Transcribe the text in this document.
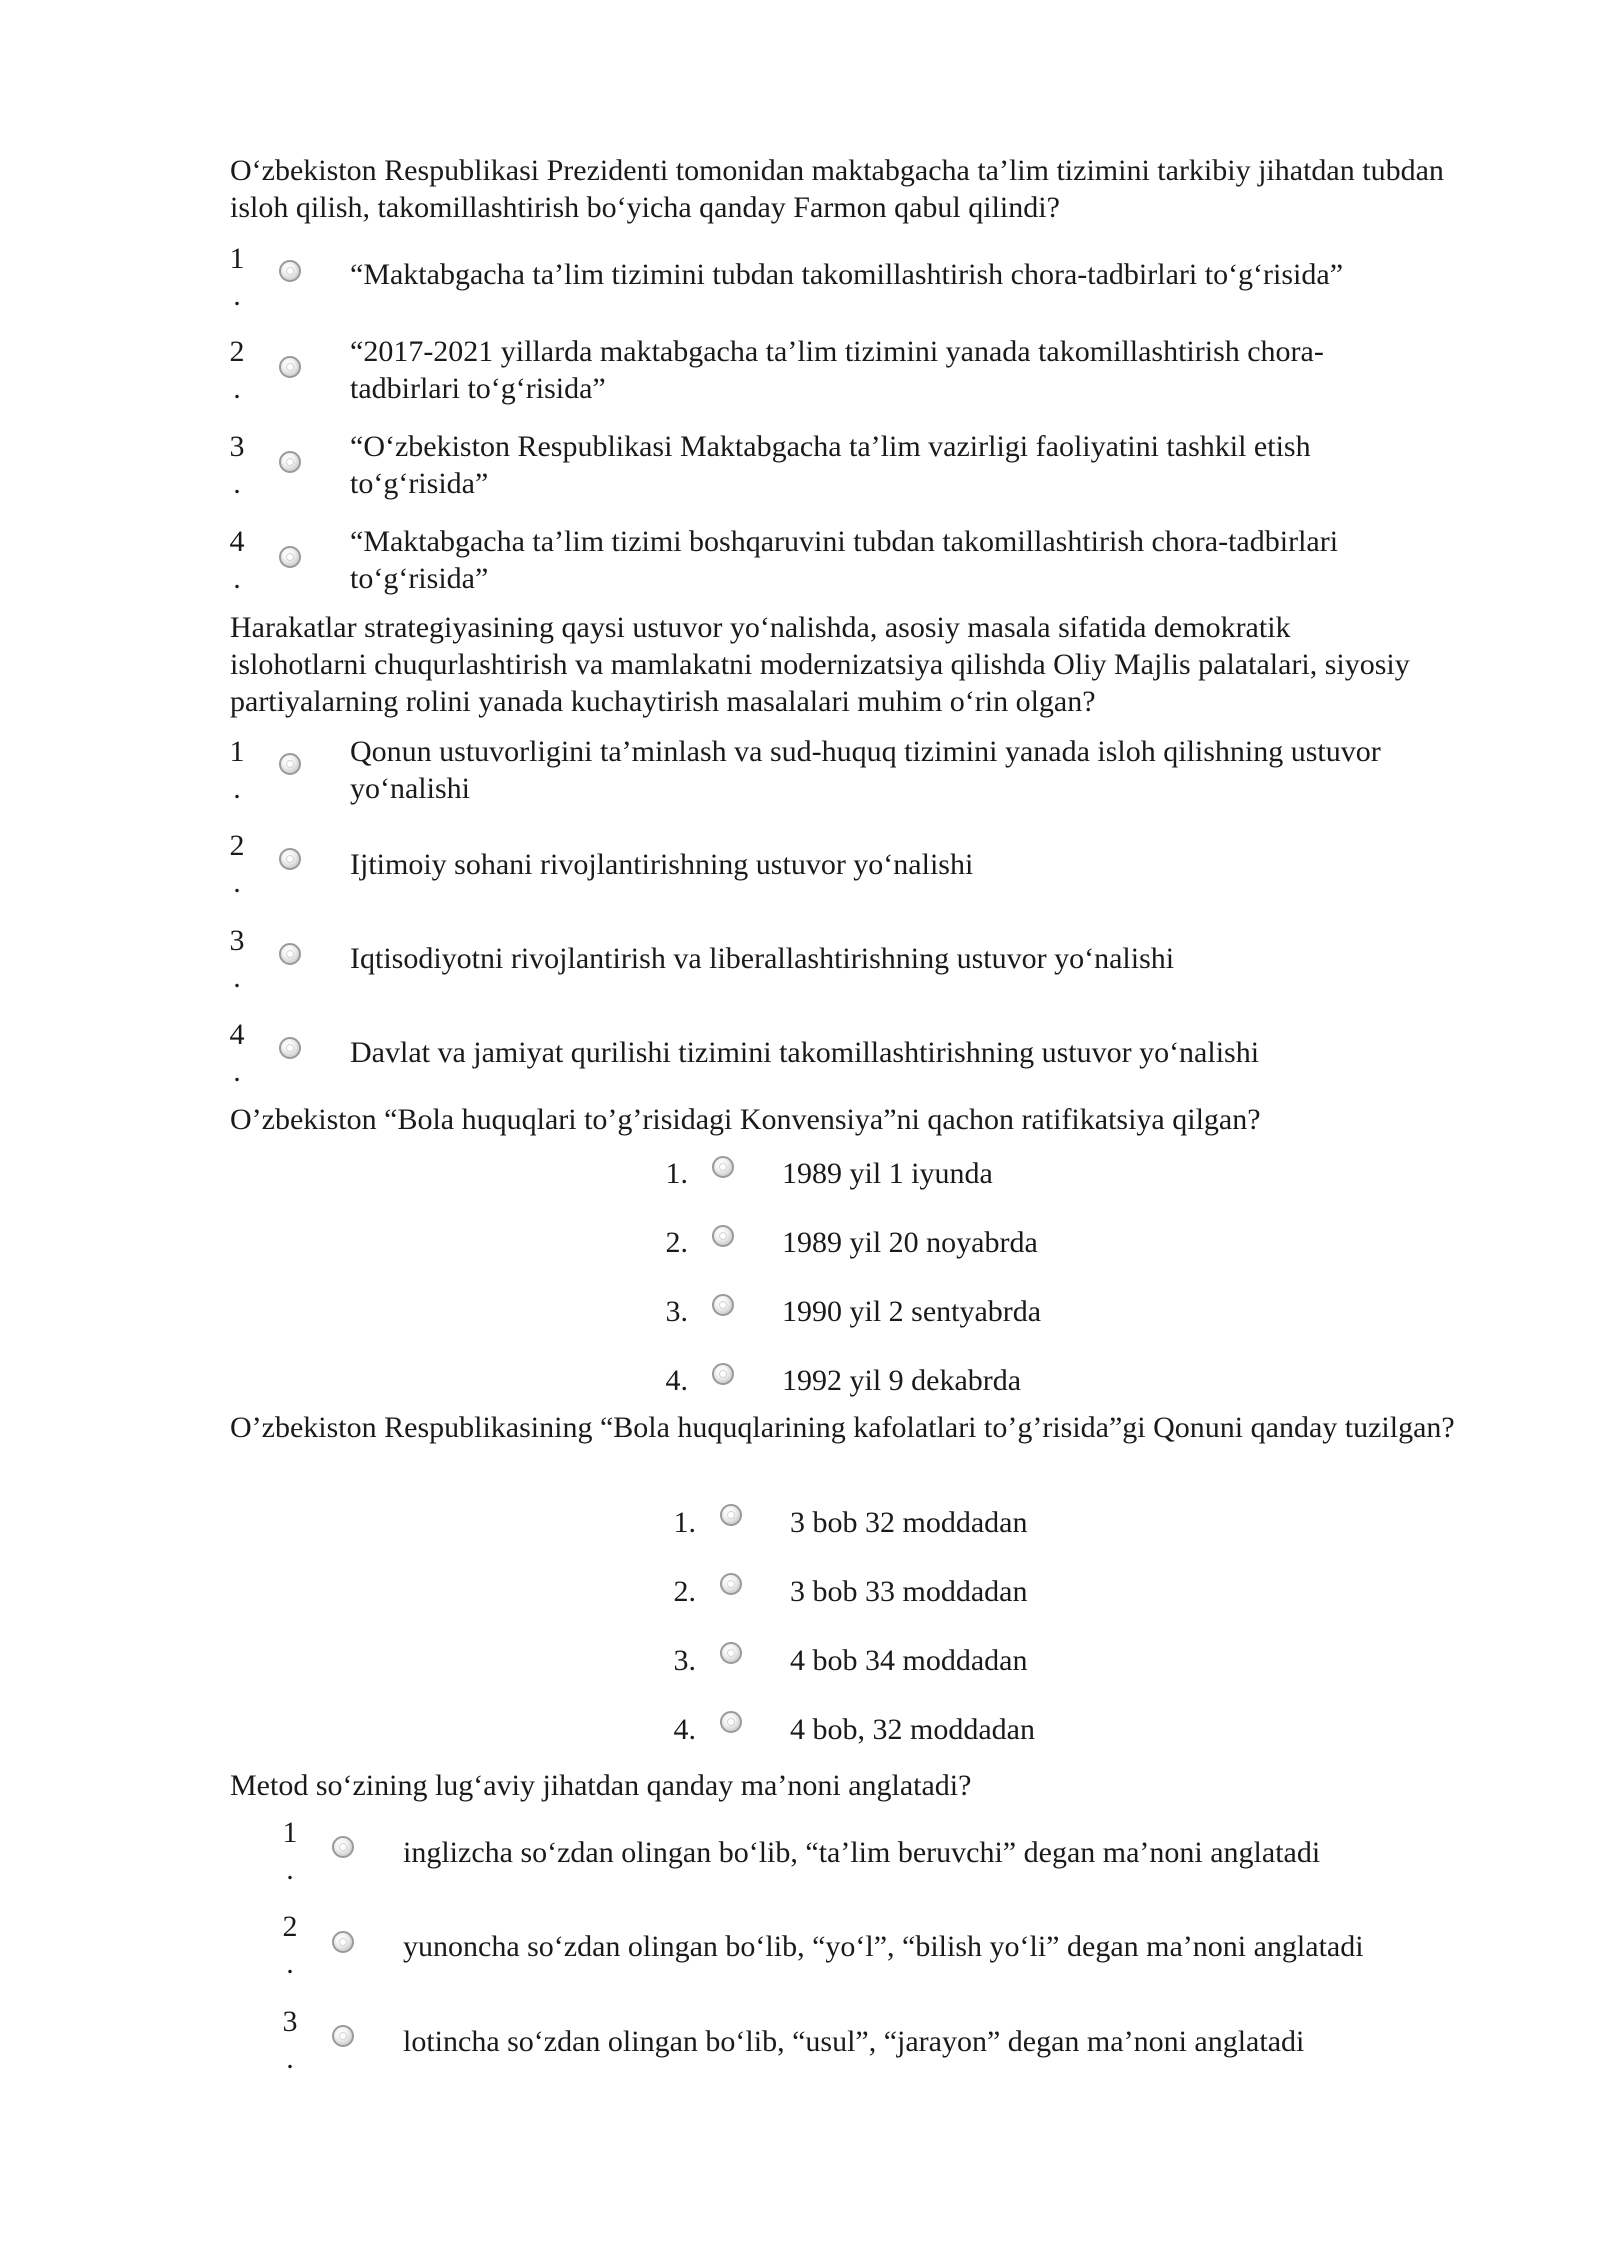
O‘zbekiston Respublikasi Prezidenti tomonidan maktabgacha ta’lim tizimini tarkibiy jihatdan tubdan isloh qilish, takomillashtirish bo‘yicha qanday Farmon qabul qilindi?
1
.
“Maktabgacha ta’lim tizimini tubdan takomillashtirish chora-tadbirlari to‘g‘risida”
2
.
“2017-2021 yillarda maktabgacha ta’lim tizimini yanada takomillashtirish chora-tadbirlari to‘g‘risida”
3
.
“O‘zbekiston Respublikasi Maktabgacha ta’lim vazirligi faoliyatini tashkil etish to‘g‘risida”
4
.
“Maktabgacha ta’lim tizimi boshqaruvini tubdan takomillashtirish chora-tadbirlari to‘g‘risida”
Harakatlar strategiyasining qaysi ustuvor yo‘nalishda, asosiy masala sifatida demokratik islohotlarni chuqurlashtirish va mamlakatni modernizatsiya qilishda Oliy Majlis palatalari, siyosiy partiyalarning rolini yanada kuchaytirish masalalari muhim o‘rin olgan?
1
.
Qonun ustuvorligini ta’minlash va sud-huquq tizimini yanada isloh qilishning ustuvor yo‘nalishi
2
.
Ijtimoiy sohani rivojlantirishning ustuvor yo‘nalishi
3
.
Iqtisodiyotni rivojlantirish va liberallashtirishning ustuvor yo‘nalishi
4
.
Davlat va jamiyat qurilishi tizimini takomillashtirishning ustuvor yo‘nalishi
O’zbekiston “Bola huquqlari to’g’risidagi Konvensiya”ni qachon ratifikatsiya qilgan?
1.	1989 yil 1 iyunda
2.	1989 yil 20 noyabrda
3.	1990 yil 2 sentyabrda
4.	1992 yil 9 dekabrda
O’zbekiston Respublikasining “Bola huquqlarining kafolatlari to’g’risida”gi Qonuni qanday tuzilgan?
1.	3 bob 32 moddadan
2.	3 bob 33 moddadan
3.	4 bob 34 moddadan
4.	4 bob, 32 moddadan
Metod so‘zining lug‘aviy jihatdan qanday ma’noni anglatadi?
1
.
inglizcha so‘zdan olingan bo‘lib, “ta’lim beruvchi” degan ma’noni anglatadi
2
.
yunoncha so‘zdan olingan bo‘lib, “yo‘l”, “bilish yo‘li” degan ma’noni anglatadi
3
.
lotincha so‘zdan olingan bo‘lib, “usul”, “jarayon” degan ma’noni anglatadi
